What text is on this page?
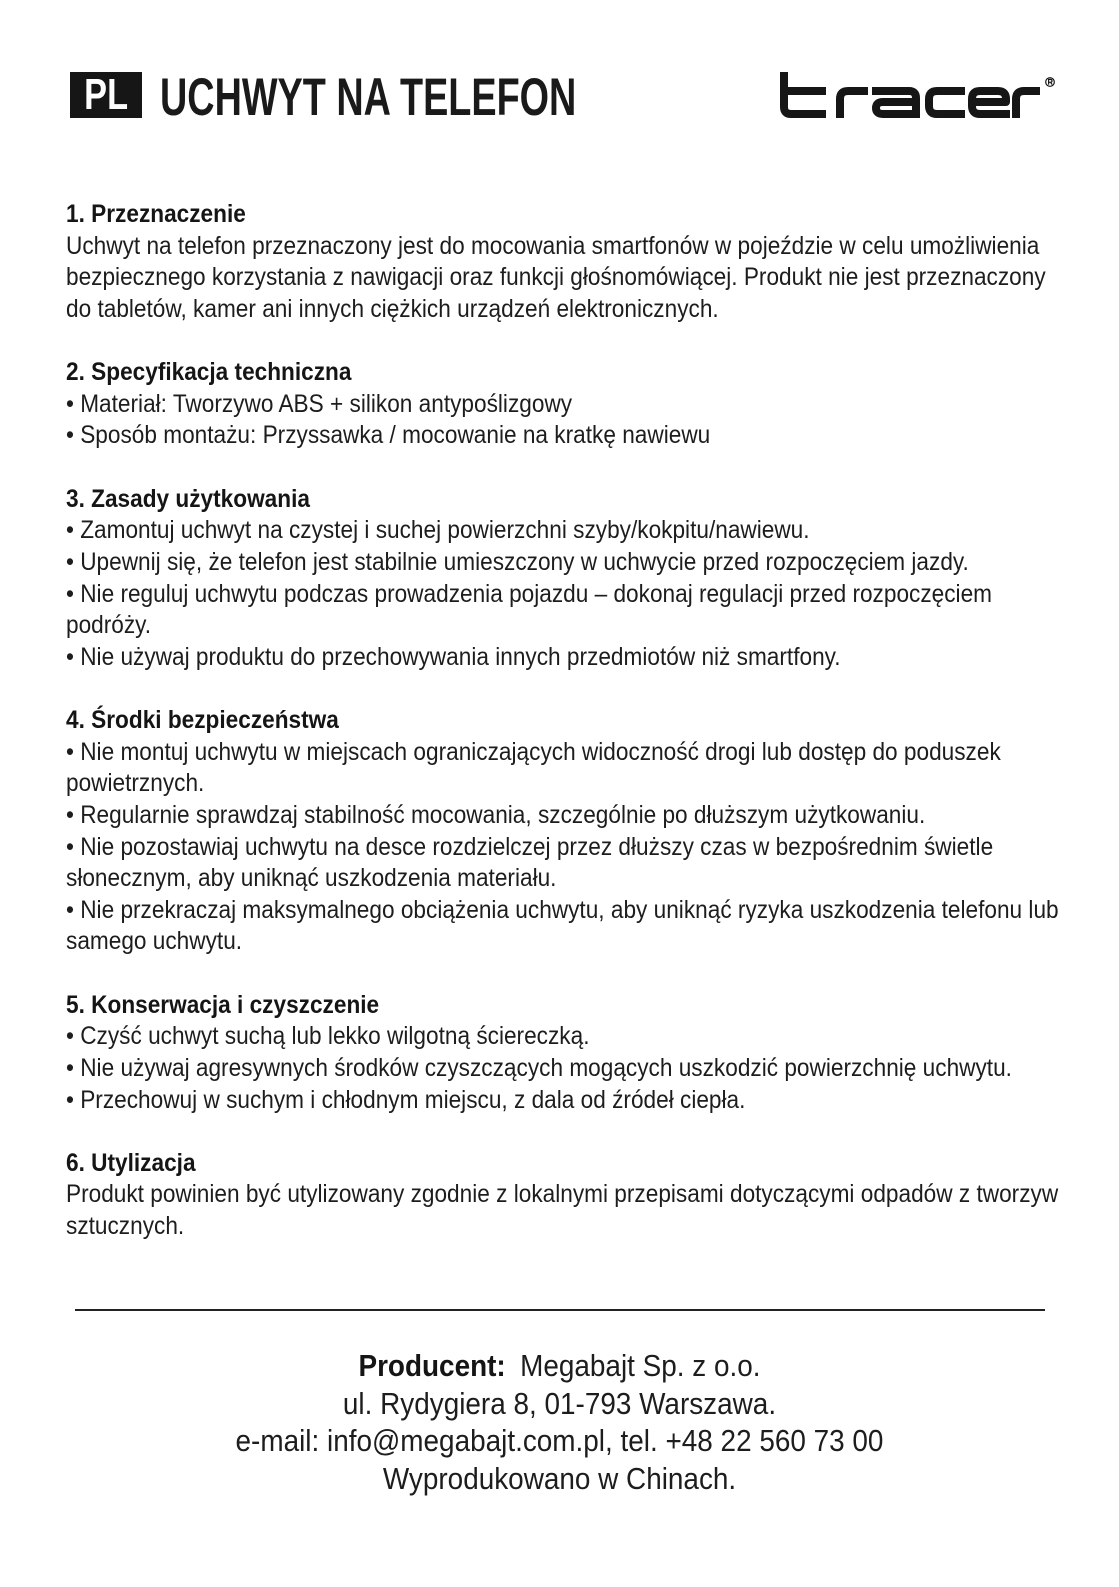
PL UCHWYT NA TELEFON
1. Przeznaczenie
Uchwyt na telefon przeznaczony jest do mocowania smartfonów w pojeździe w celu umożliwienia
bezpiecznego korzystania z nawigacji oraz funkcji głośnomówiącej. Produkt nie jest przeznaczony
do tabletów, kamer ani innych ciężkich urządzeń elektronicznych.
2. Specyfikacja techniczna
• Materiał: Tworzywo ABS + silikon antypoślizgowy
• Sposób montażu: Przyssawka / mocowanie na kratkę nawiewu
3. Zasady użytkowania
• Zamontuj uchwyt na czystej i suchej powierzchni szyby/kokpitu/nawiewu.
• Upewnij się, że telefon jest stabilnie umieszczony w uchwycie przed rozpoczęciem jazdy.
• Nie reguluj uchwytu podczas prowadzenia pojazdu – dokonaj regulacji przed rozpoczęciem
podróży.
• Nie używaj produktu do przechowywania innych przedmiotów niż smartfony.
4. Środki bezpieczeństwa
• Nie montuj uchwytu w miejscach ograniczających widoczność drogi lub dostęp do poduszek
powietrznych.
• Regularnie sprawdzaj stabilność mocowania, szczególnie po dłuższym użytkowaniu.
• Nie pozostawiaj uchwytu na desce rozdzielczej przez dłuższy czas w bezpośrednim świetle
słonecznym, aby uniknąć uszkodzenia materiału.
• Nie przekraczaj maksymalnego obciążenia uchwytu, aby uniknąć ryzyka uszkodzenia telefonu lub
samego uchwytu.
5. Konserwacja i czyszczenie
• Czyść uchwyt suchą lub lekko wilgotną ściereczką.
• Nie używaj agresywnych środków czyszczących mogących uszkodzić powierzchnię uchwytu.
• Przechowuj w suchym i chłodnym miejscu, z dala od źródeł ciepła.
6. Utylizacja
Produkt powinien być utylizowany zgodnie z lokalnymi przepisami dotyczącymi odpadów z tworzyw
sztucznych.
Producent: Megabajt Sp. z o.o.
ul. Rydygiera 8, 01-793 Warszawa.
e-mail: info@megabajt.com.pl, tel. +48 22 560 73 00
Wyprodukowano w Chinach.
